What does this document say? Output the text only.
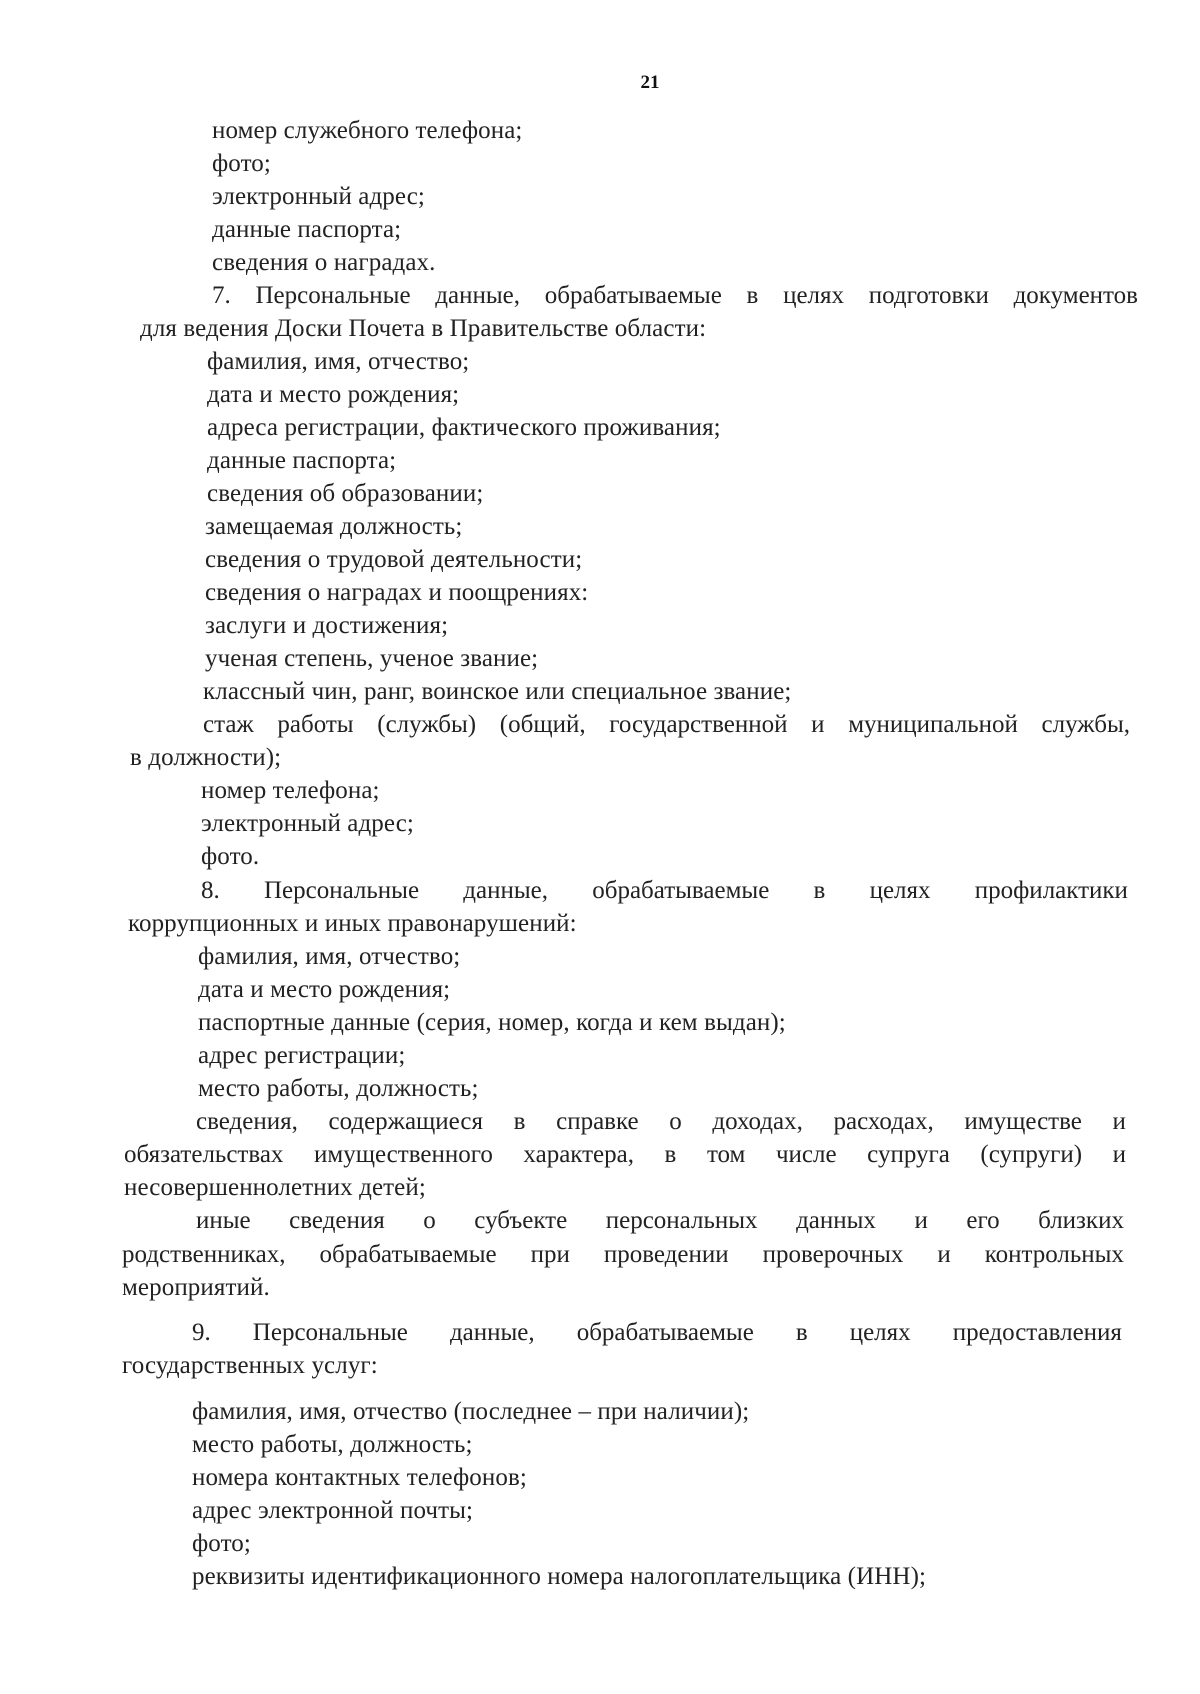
21
номер служебного телефона;
фото;
электронный адрес;
данные паспорта;
сведения о наградах.
7. Персональные данные, обрабатываемые в целях подготовки документов
для ведения Доски Почета в Правительстве области:
фамилия, имя, отчество;
дата и место рождения;
адреса регистрации, фактического проживания;
данные паспорта;
сведения об образовании;
замещаемая должность;
сведения о трудовой деятельности;
сведения о наградах и поощрениях:
заслуги и достижения;
ученая степень, ученое звание;
классный чин, ранг, воинское или специальное звание;
стаж работы (службы) (общий, государственной и муниципальной службы,
в должности);
номер телефона;
электронный адрес;
фото.
8. Персональные данные, обрабатываемые в целях профилактики
коррупционных и иных правонарушений:
фамилия, имя, отчество;
дата и место рождения;
паспортные данные (серия, номер, когда и кем выдан);
адрес регистрации;
место работы, должность;
сведения, содержащиеся в справке о доходах, расходах, имуществе и
обязательствах имущественного характера, в том числе супруга (супруги) и
несовершеннолетних детей;
иные сведения о субъекте персональных данных и его близких
родственниках, обрабатываемые при проведении проверочных и контрольных
мероприятий.
9. Персональные данные, обрабатываемые в целях предоставления
государственных услуг:
фамилия, имя, отчество (последнее – при наличии);
место работы, должность;
номера контактных телефонов;
адрес электронной почты;
фото;
реквизиты идентификационного номера налогоплательщика (ИНН);
